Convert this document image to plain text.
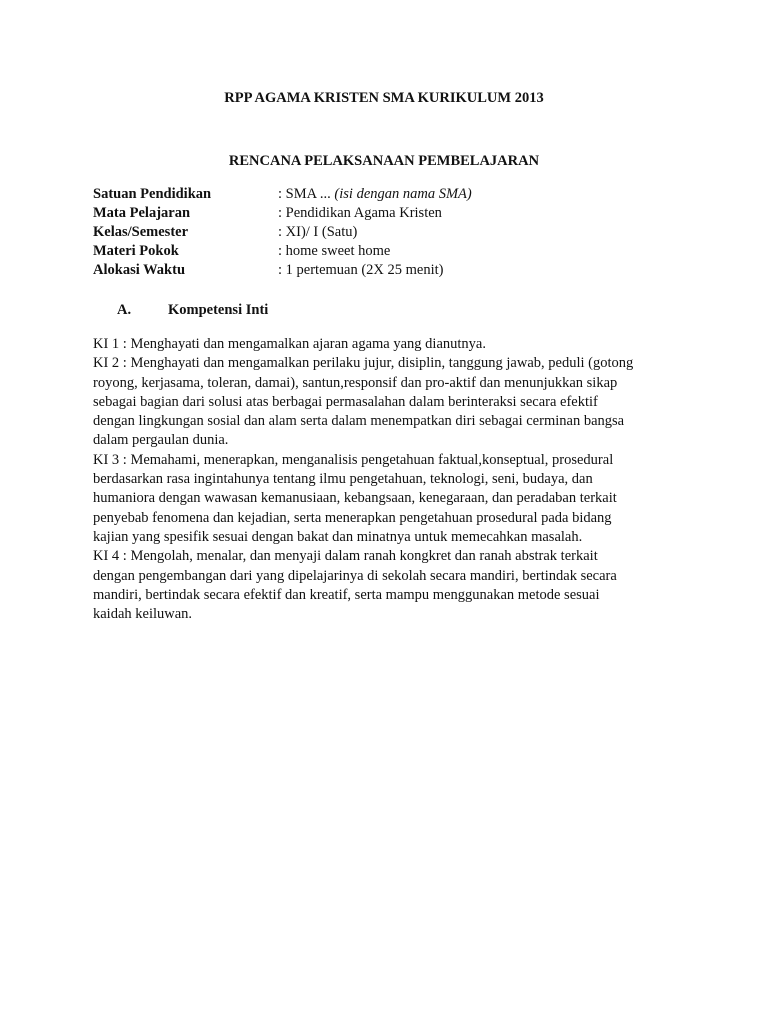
RPP AGAMA KRISTEN SMA KURIKULUM 2013
RENCANA PELAKSANAAN PEMBELAJARAN
Satuan Pendidikan	: SMA ... (isi dengan nama SMA)
Mata Pelajaran	: Pendidikan Agama Kristen
Kelas/Semester	: XI)/ I (Satu)
Materi Pokok	: home sweet home
Alokasi Waktu	: 1 pertemuan (2X 25 menit)
A.	Kompetensi Inti
KI 1 : Menghayati dan mengamalkan ajaran agama yang dianutnya.
KI 2 : Menghayati dan mengamalkan perilaku jujur, disiplin, tanggung jawab, peduli (gotong
royong, kerjasama, toleran, damai), santun,responsif dan pro-aktif dan menunjukkan sikap
sebagai bagian dari solusi atas berbagai permasalahan dalam berinteraksi secara efektif
dengan lingkungan sosial dan alam serta dalam menempatkan diri sebagai cerminan bangsa
dalam pergaulan dunia.
KI 3 : Memahami, menerapkan, menganalisis pengetahuan faktual,konseptual, prosedural
berdasarkan rasa ingintahunya tentang ilmu pengetahuan, teknologi, seni, budaya, dan
humaniora dengan wawasan kemanusiaan, kebangsaan, kenegaraan, dan peradaban terkait
penyebab fenomena dan kejadian, serta menerapkan pengetahuan prosedural pada bidang
kajian yang spesifik sesuai dengan bakat dan minatnya untuk memecahkan masalah.
KI 4 : Mengolah, menalar, dan menyaji dalam ranah kongkret dan ranah abstrak terkait
dengan pengembangan dari yang dipelajarinya di sekolah secara mandiri, bertindak secara
mandiri, bertindak secara efektif dan kreatif, serta mampu menggunakan metode sesuai
kaidah keiluwan.
